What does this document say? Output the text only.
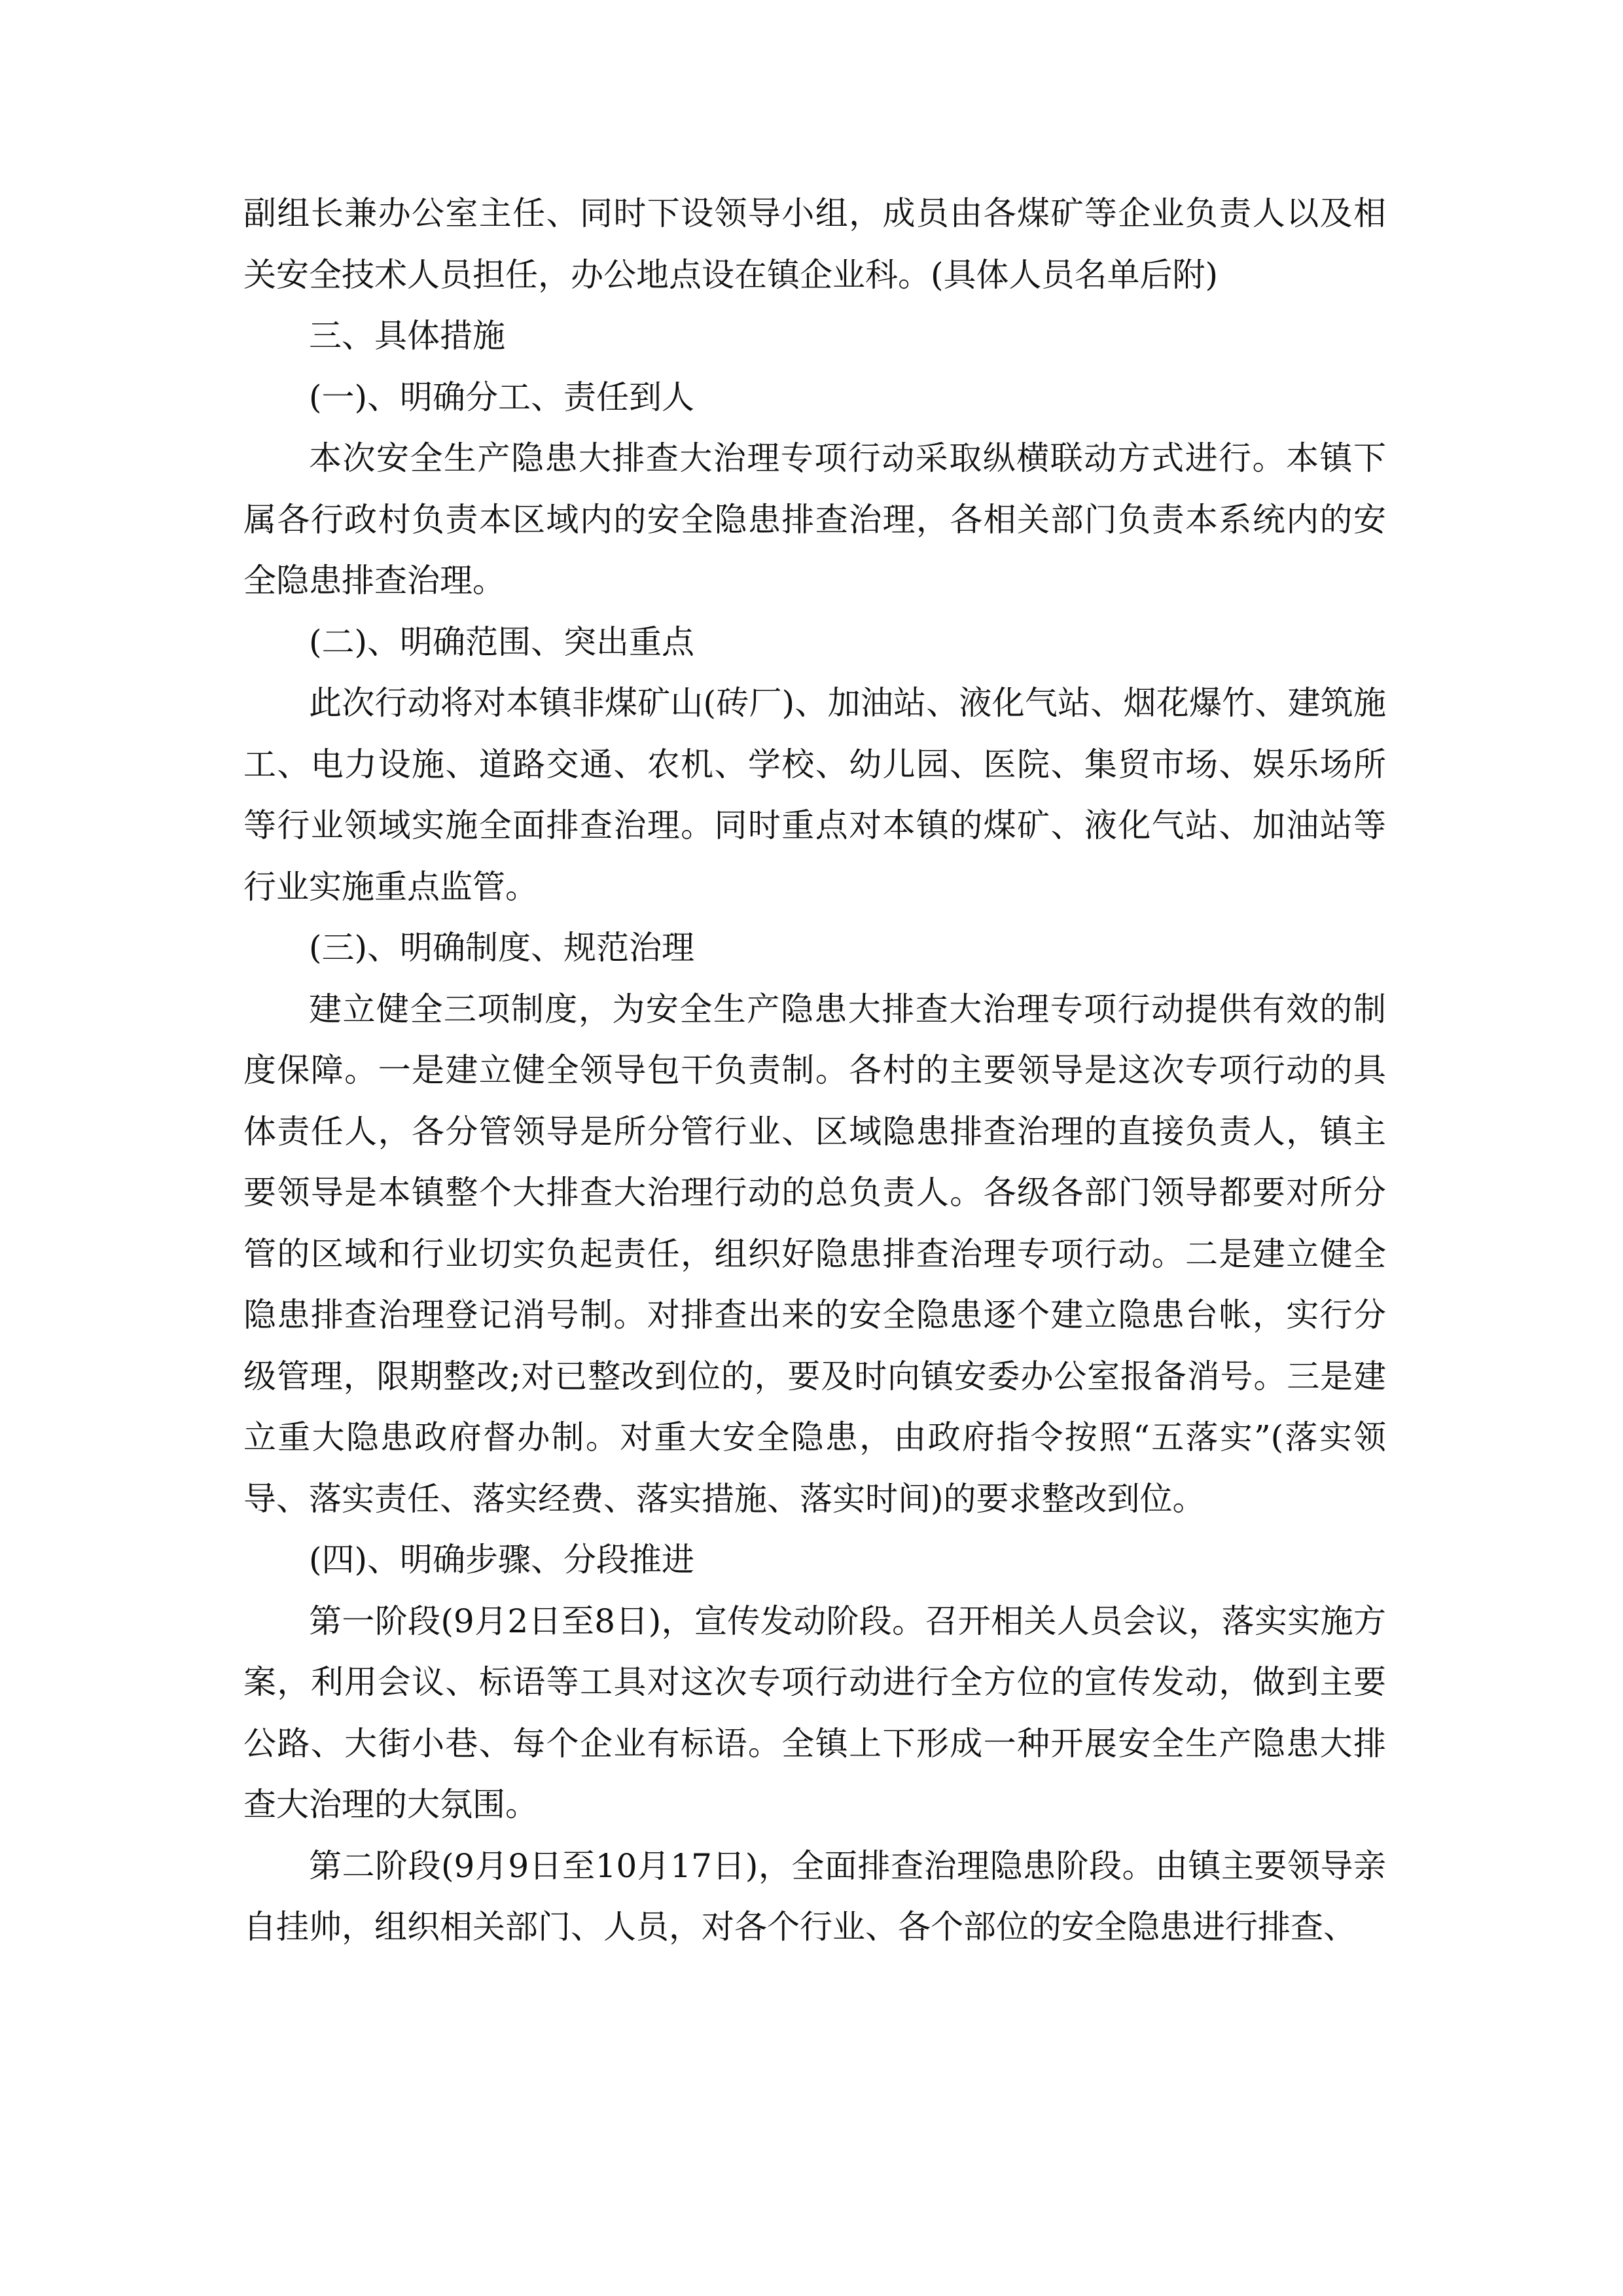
副组长兼办公室主任、同时下设领导小组，成员由各煤矿等企业负责人以及相关安全技术人员担任，办公地点设在镇企业科。(具体人员名单后附)

三、具体措施

(一)、明确分工、责任到人

本次安全生产隐患大排查大治理专项行动采取纵横联动方式进行。本镇下属各行政村负责本区域内的安全隐患排查治理，各相关部门负责本系统内的安全隐患排查治理。

(二)、明确范围、突出重点

此次行动将对本镇非煤矿山(砖厂)、加油站、液化气站、烟花爆竹、建筑施工、电力设施、道路交通、农机、学校、幼儿园、医院、集贸市场、娱乐场所等行业领域实施全面排查治理。同时重点对本镇的煤矿、液化气站、加油站等行业实施重点监管。

(三)、明确制度、规范治理

建立健全三项制度，为安全生产隐患大排查大治理专项行动提供有效的制度保障。一是建立健全领导包干负责制。各村的主要领导是这次专项行动的具体责任人，各分管领导是所分管行业、区域隐患排查治理的直接负责人，镇主要领导是本镇整个大排查大治理行动的总负责人。各级各部门领导都要对所分管的区域和行业切实负起责任，组织好隐患排查治理专项行动。二是建立健全隐患排查治理登记消号制。对排查出来的安全隐患逐个建立隐患台帐，实行分级管理，限期整改;对已整改到位的，要及时向镇安委办公室报备消号。三是建立重大隐患政府督办制。对重大安全隐患，由政府指令按照“五落实”(落实领导、落实责任、落实经费、落实措施、落实时间)的要求整改到位。

(四)、明确步骤、分段推进

第一阶段(9月2日至8日)，宣传发动阶段。召开相关人员会议，落实实施方案，利用会议、标语等工具对这次专项行动进行全方位的宣传发动，做到主要公路、大街小巷、每个企业有标语。全镇上下形成一种开展安全生产隐患大排查大治理的大氛围。

第二阶段(9月9日至10月17日)，全面排查治理隐患阶段。由镇主要领导亲自挂帅，组织相关部门、人员，对各个行业、各个部位的安全隐患进行排查、
